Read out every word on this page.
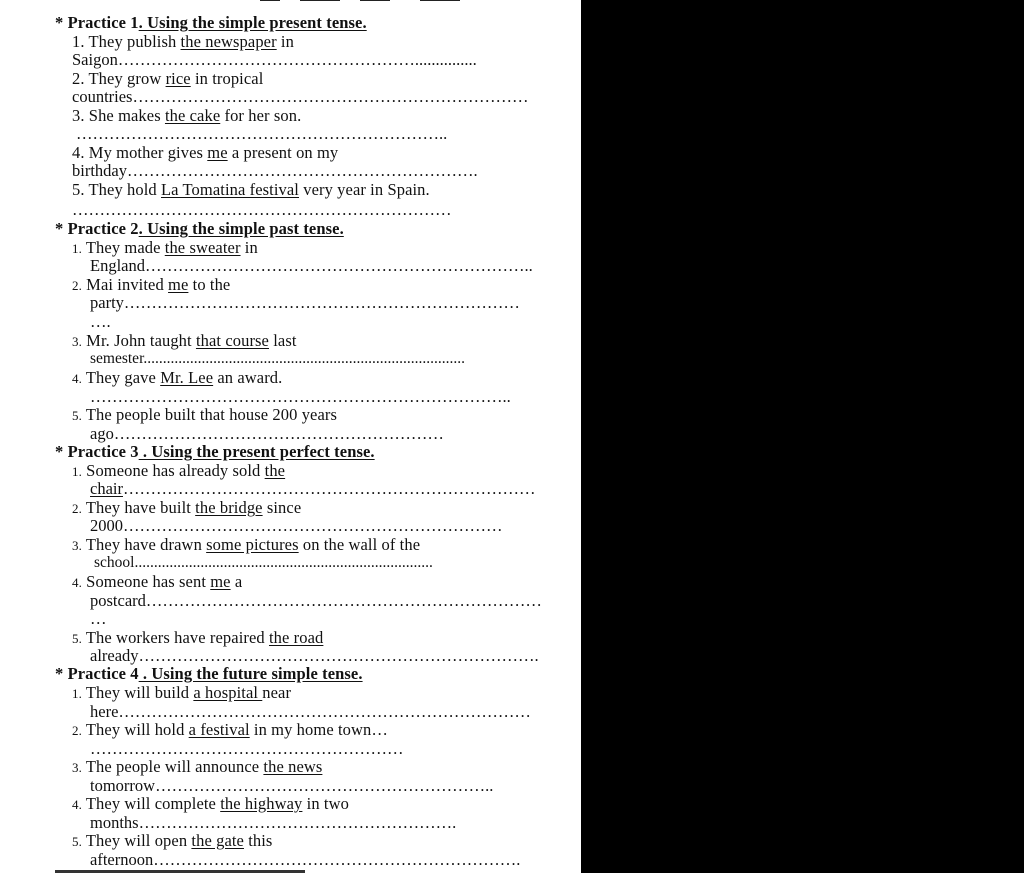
* Practice 1. Using the simple present tense.
1. They publish the newspaper in
Saigon………………………………………………...............
2. They grow rice in tropical
countries………………………………………………………………
3. She makes the cake for her son.
…………………………………………………………..
4. My mother gives me a present on my
birthday……………………………………………………….
5. They hold La Tomatina festival very year in Spain.
……………………………………………………………
* Practice 2. Using the simple past tense.
1. They made the sweater in
England……………………………………………………………..
2. Mai invited me to the
party………………………………………………………………
….
3. Mr. John taught that course last
semester...................................................................................
4. They gave Mr. Lee an award.
…………………………………………………………………..
5. The people built that house 200 years
ago……………………………………………………
* Practice 3 . Using the present perfect tense.
1. Someone has already sold the
chair…………………………………………………………………
2. They have built the bridge since
2000……………………………………………………………
3. They have drawn some pictures on the wall of the
school.............................................................................
4. Someone has sent me a
postcard………………………………………………………………
…
5. The workers have repaired the road
already……………………………………………………………….
* Practice 4 . Using the future simple tense.
1. They will build a hospital near
here…………………………………………………………………
2. They will hold a festival in my home town…
…………………………………………………
3. The people will announce the news
tomorrow……………………………………………………..
4. They will complete the highway in two
months………………………………………………….
5. They will open the gate this
afternoon………………………………………………………….
